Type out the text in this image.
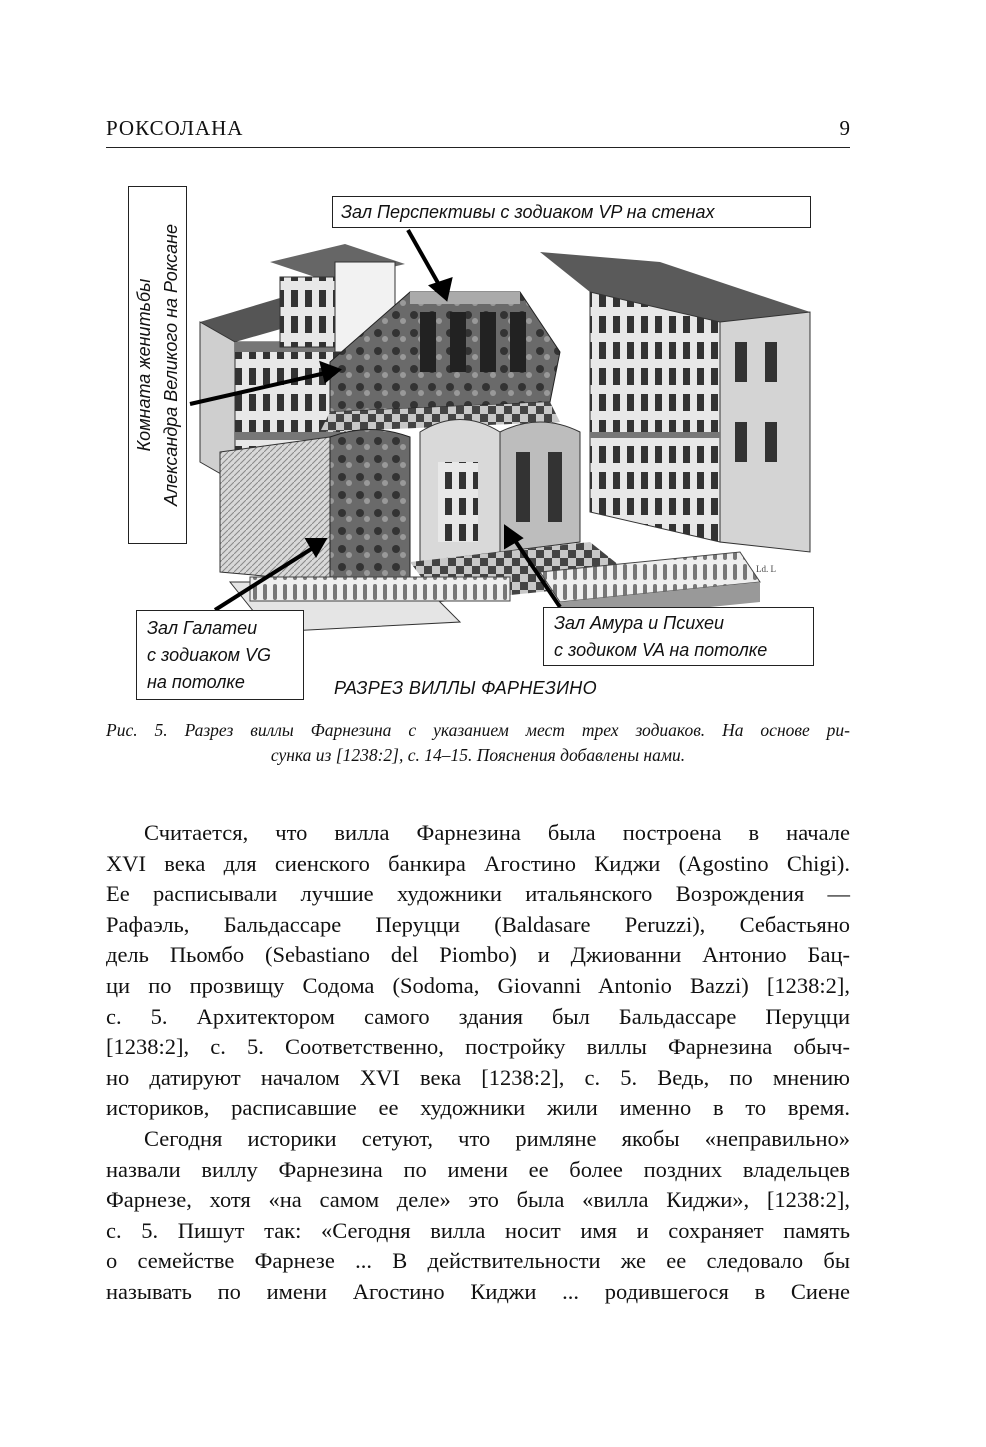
РОКСОЛАНА	9
Ld. L
Комната женитьбы Александра Великого на Роксане
Зал Перспективы с зодиаком VP на стенах
Зал Галатеи
с зодиаком VG
на потолке
Зал Амура и Психеи
с зодиком VA на потолке
РАЗРЕЗ ВИЛЛЫ ФАРНЕЗИНО
Рис. 5. Разрез виллы Фарнезина с указанием мест трех зодиаков. На основе ри-
сунка из [1238:2], с. 14–15. Пояснения добавлены нами.
Считается, что вилла Фарнезина была построена в начале
XVI века для сиенского банкира Агостино Киджи (Agostino Chigi).
Ее расписывали лучшие художники итальянского Возрождения —
Рафаэль, Бальдассаре Перуцци (Baldasare Peruzzi), Себастьяно
дель Пьомбо (Sebastiano del Piombo) и Джиованни Антонио Бац-
ци по прозвищу Содома (Sodoma, Giovanni Antonio Bazzi) [1238:2],
с. 5. Архитектором самого здания был Бальдассаре Перуцци
[1238:2], с. 5. Соответственно, постройку виллы Фарнезина обыч-
но датируют началом XVI века [1238:2], с. 5. Ведь, по мнению
историков, расписавшие ее художники жили именно в то время.
Сегодня историки сетуют, что римляне якобы «неправильно»
назвали виллу Фарнезина по имени ее более поздних владельцев
Фарнезе, хотя «на самом деле» это была «вилла Киджи», [1238:2],
с. 5. Пишут так: «Сегодня вилла носит имя и сохраняет память
о семействе Фарнезе ... В действительности же ее следовало бы
называть по имени Агостино Киджи ... родившегося в Сиене
